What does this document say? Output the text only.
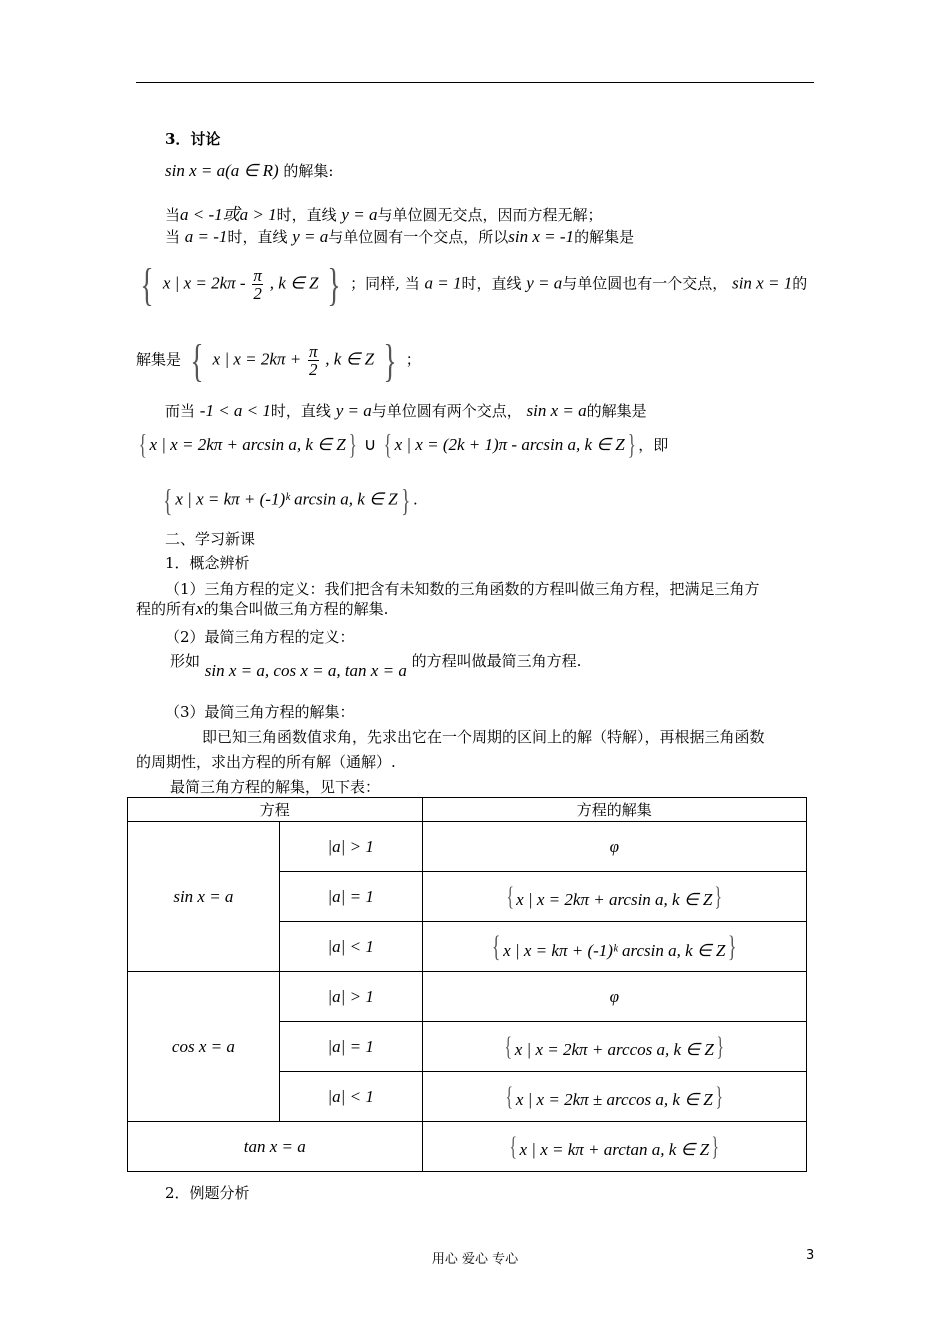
3．讨论
sin x = a(a ∈ R) 的解集:
当a < -1或a > 1时，直线 y = a与单位圆无交点，因而方程无解；
当 a = -1时，直线 y = a与单位圆有一个交点，所以sin x = -1的解集是
{ x | $x = 2k\pi - \frac{\pi}{2}$ , k ∈ Z } ；同样, 当 a = 1时，直线 y = a与单位圆也有一个交点， sin x = 1的
解集是 { x | $x = 2k\pi + \frac{\pi}{2}$ , k ∈ Z } ；
而当 -1 < a < 1时，直线 y = a与单位圆有两个交点， sin x = a的解集是
{ x | x = 2kπ + arcsin a, k ∈ Z} ∪ { x | x = (2k + 1)π - arcsin a, k ∈ Z} ，即
{ x | x = kπ + (-1)ᵏ arcsin a, k ∈ Z} .
二、学习新课
1．概念辨析
（1）三角方程的定义：我们把含有未知数的三角函数的方程叫做三角方程，把满足三角方
程的所有x的集合叫做三角方程的解集.
（2）最简三角方程的定义：
形如 sin x = a, cos x = a, tan x = a 的方程叫做最简三角方程.
（3）最简三角方程的解集：
即已知三角函数值求角，先求出它在一个周期的区间上的解（特解），再根据三角函数
的周期性，求出方程的所有解（通解）.
最简三角方程的解集，见下表：
方程		方程的解集
sin x = a	|a| > 1	φ
	|a| = 1	{ x | x = 2kπ + arcsin a, k ∈ Z}
	|a| < 1	{ x | x = kπ + (-1)ᵏ arcsin a, k ∈ Z}
cos x = a	|a| > 1	φ
	|a| = 1	{ x | x = 2kπ + arccos a, k ∈ Z}
	|a| < 1	{ x | x = 2kπ ± arccos a, k ∈ Z}
tan x = a		{ x | x = kπ + arctan a, k ∈ Z}
2．例题分析
用心 爱心 专心	3
